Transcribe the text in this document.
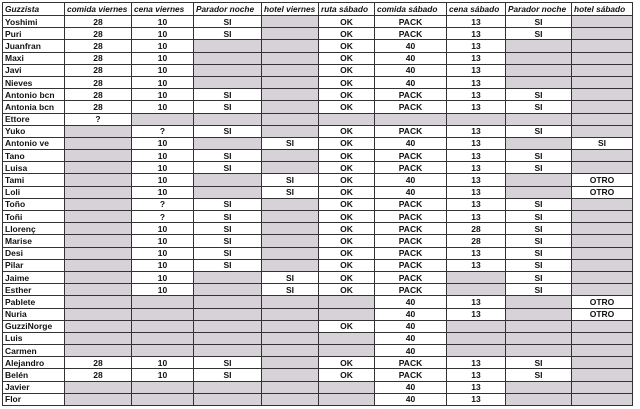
Guzzista	comida viernes	cena viernes	Parador noche	hotel viernes	ruta sábado	comida sábado	cena sábado	Parador noche	hotel sábado
Yoshimi	28	10	SI		OK	PACK	13	SI	
Puri	28	10	SI		OK	PACK	13	SI	
Juanfran	28	10			OK	40	13		
Maxi	28	10			OK	40	13		
Javi	28	10			OK	40	13		
Nieves	28	10			OK	40	13		
Antonio bcn	28	10	SI		OK	PACK	13	SI	
Antonia bcn	28	10	SI		OK	PACK	13	SI	
Ettore	?								
Yuko		?	SI		OK	PACK	13	SI	
Antonio ve		10		SI	OK	40	13		SI
Tano		10	SI		OK	PACK	13	SI	
Luisa		10	SI		OK	PACK	13	SI	
Tami		10		SI	OK	40	13		OTRO
Loli		10		SI	OK	40	13		OTRO
Toño		?	SI		OK	PACK	13	SI	
Toñi		?	SI		OK	PACK	13	SI	
Llorenç		10	SI		OK	PACK	28	SI	
Marise		10	SI		OK	PACK	28	SI	
Desi		10	SI		OK	PACK	13	SI	
Pilar		10	SI		OK	PACK	13	SI	
Jaime		10		SI	OK	PACK		SI	
Esther		10		SI	OK	PACK		SI	
Pablete						40	13		OTRO
Nuria						40	13		OTRO
GuzziNorge					OK	40			
Luis						40			
Carmen						40			
Alejandro	28	10	SI		OK	PACK	13	SI	
Belén	28	10	SI		OK	PACK	13	SI	
Javier						40	13		
Flor						40	13		
